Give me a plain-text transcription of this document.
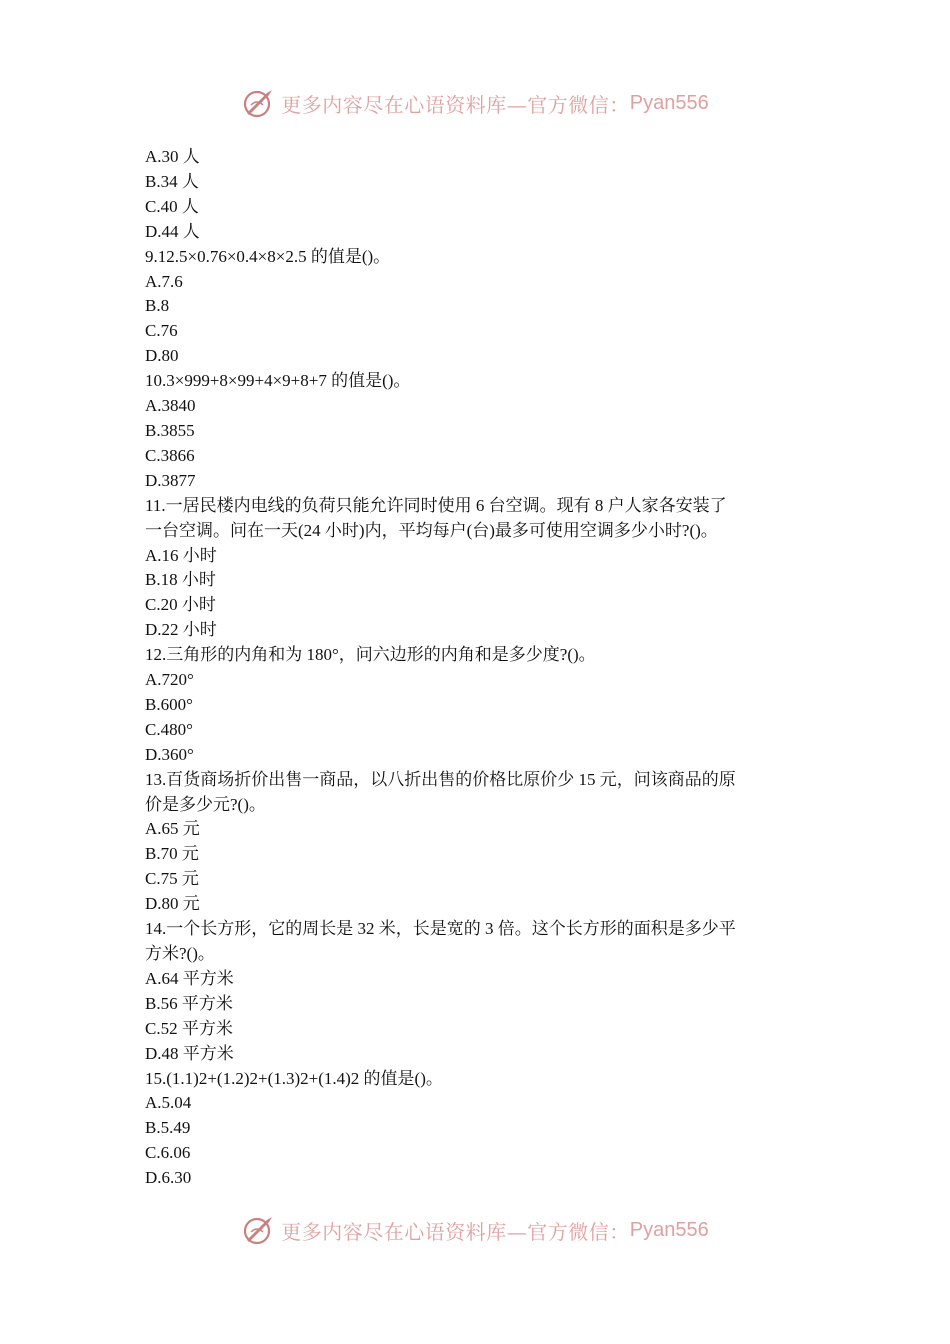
更多内容尽在心语资料库—官方微信： Pyan556
A.30 人
B.34 人
C.40 人
D.44 人
9.12.5×0.76×0.4×8×2.5 的值是()。
A.7.6
B.8
C.76
D.80
10.3×999+8×99+4×9+8+7 的值是()。
A.3840
B.3855
C.3866
D.3877
11.一居民楼内电线的负荷只能允许同时使用 6 台空调。现有 8 户人家各安装了
一台空调。问在一天(24 小时)内，平均每户(台)最多可使用空调多少小时?()。
A.16 小时
B.18 小时
C.20 小时
D.22 小时
12.三角形的内角和为 180°，问六边形的内角和是多少度?()。
A.720°
B.600°
C.480°
D.360°
13.百货商场折价出售一商品，以八折出售的价格比原价少 15 元，问该商品的原
价是多少元?()。
A.65 元
B.70 元
C.75 元
D.80 元
14.一个长方形，它的周长是 32 米，长是宽的 3 倍。这个长方形的面积是多少平
方米?()。
A.64 平方米
B.56 平方米
C.52 平方米
D.48 平方米
15.(1.1)2+(1.2)2+(1.3)2+(1.4)2 的值是()。
A.5.04
B.5.49
C.6.06
D.6.30
更多内容尽在心语资料库—官方微信： Pyan556
